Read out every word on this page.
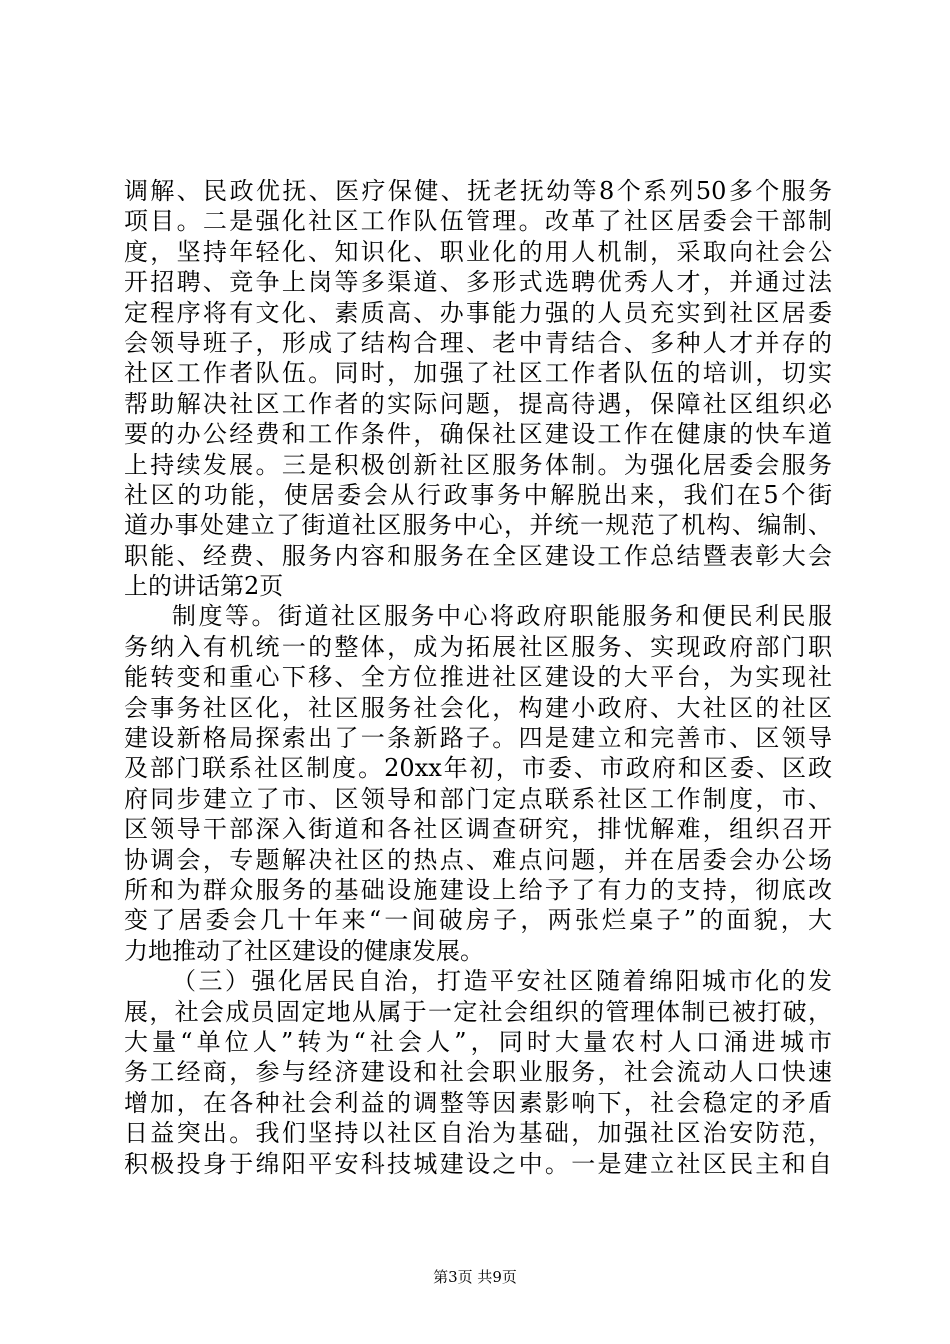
调解、民政优抚、医疗保健、抚老抚幼等8个系列50多个服务
项目。二是强化社区工作队伍管理。改革了社区居委会干部制
度，坚持年轻化、知识化、职业化的用人机制，采取向社会公
开招聘、竞争上岗等多渠道、多形式选聘优秀人才，并通过法
定程序将有文化、素质高、办事能力强的人员充实到社区居委
会领导班子，形成了结构合理、老中青结合、多种人才并存的
社区工作者队伍。同时，加强了社区工作者队伍的培训，切实
帮助解决社区工作者的实际问题，提高待遇，保障社区组织必
要的办公经费和工作条件，确保社区建设工作在健康的快车道
上持续发展。三是积极创新社区服务体制。为强化居委会服务
社区的功能，使居委会从行政事务中解脱出来，我们在5个街
道办事处建立了街道社区服务中心，并统一规范了机构、编制、
职能、经费、服务内容和服务在全区建设工作总结暨表彰大会
上的讲话第2页
制度等。街道社区服务中心将政府职能服务和便民利民服
务纳入有机统一的整体，成为拓展社区服务、实现政府部门职
能转变和重心下移、全方位推进社区建设的大平台，为实现社
会事务社区化，社区服务社会化，构建小政府、大社区的社区
建设新格局探索出了一条新路子。四是建立和完善市、区领导
及部门联系社区制度。20xx年初，市委、市政府和区委、区政
府同步建立了市、区领导和部门定点联系社区工作制度，市、
区领导干部深入街道和各社区调查研究，排忧解难，组织召开
协调会，专题解决社区的热点、难点问题，并在居委会办公场
所和为群众服务的基础设施建设上给予了有力的支持，彻底改
变了居委会几十年来“一间破房子，两张烂桌子”的面貌，大
力地推动了社区建设的健康发展。
（三）强化居民自治，打造平安社区随着绵阳城市化的发
展，社会成员固定地从属于一定社会组织的管理体制已被打破，
大量“单位人”转为“社会人”，同时大量农村人口涌进城市
务工经商，参与经济建设和社会职业服务，社会流动人口快速
增加，在各种社会利益的调整等因素影响下，社会稳定的矛盾
日益突出。我们坚持以社区自治为基础，加强社区治安防范，
积极投身于绵阳平安科技城建设之中。一是建立社区民主和自
第3页 共9页
